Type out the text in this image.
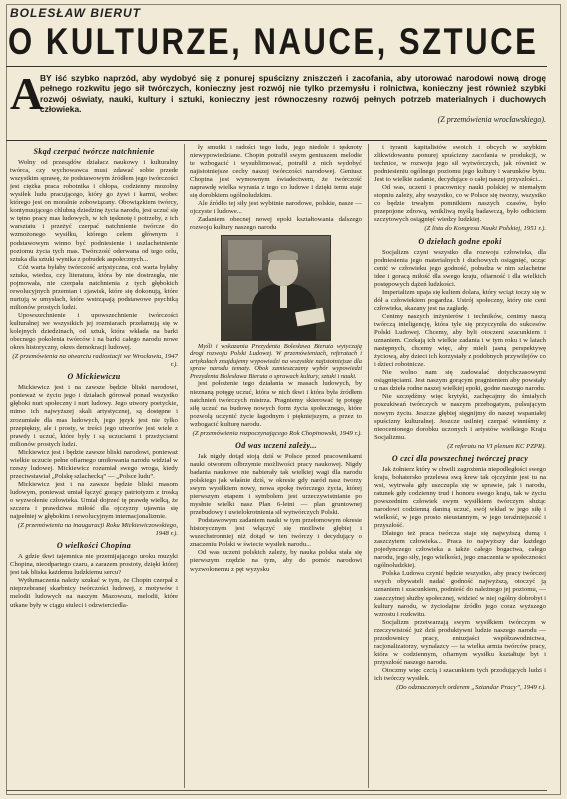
BOLESŁAW BIERUT
O KULTURZE, NAUCE, SZTUCE
A
BY iść szybko naprzód, aby wydobyć się z ponurej spuścizny zniszczeń i zacofania, aby utorować narodowi nową drogę pełnego rozkwitu jego sił twórczych, konieczny jest rozwój nie tylko przemysłu i rolnictwa, konieczny jest również szybki rozwój oświaty, nauki, kultury i sztuki, konieczny jest równoczesny rozwój pełnych potrzeb materialnych i duchowych człowieka.
(Z przemówienia wrocławskiego).
Skąd czerpać twórcze natchnienie

Wolny od przesądów działacz naukowy i kulturalny twórca, czy wychowawca musi zdawać sobie przede wszystkim sprawę, że podstawowym źródłem jego twórczości jest ciężka praca robotnika i chłopa, codzienny mozolny wysiłek ludu pracującego, który go żywi i karmi, wobec którego jest on moralnie zobowiązany. Obowiązkiem twórcy, kontynuującego chlubną dziedzinę życia narodu, jest uczuć się w tętno pracy mas ludowych, w ich tęsknotę i potrzeby, z ich warsztatu i przeżyć czerpać natchnienie twórcze do wzmożonego wysiłku, którego celem głównym i podstawowym winno być podniesienie i uszlachetnienie poziomu życia tych mas. Twórczość oderwana od tego celu, sztuka dla sztuki wynika z pobudek aspołecznych...

Cóż warta byłaby twórczość artystyczna, coż warta byłaby sztuka, wiedza, czy literatura, która by nie dostrzegła, nie pojmowała, nie czerpała natchnienia z tych głębokich rewolucyjnych przemian i zjawisk, które się dokonują, które nurtują w umysłach, które wstrząsają podstawowe psychiką milionów prostych ludzi.

Upowszechnienie i upowszechnienie twórczości kulturalnej we wszystkich jej rozmiarach przełamują się w kolejnych dziedzinach, od sztuk, która wkłada na barki obecnego pokolenia twórców i na barki całego narodu nowe okres historyczny, okres demokracji ludowej.

(Z przemówienia na otwarciu radiostacji we Wrocławiu, 1947 r.).

O Mickiewiczu

Mickiewicz jest i na zawsze będzie bliski narodowi, ponieważ w życiu jego i działach górował ponad wszystko głęboki nurt społeczny i nurt ludowy. Jego utwory poetyckie, mimo ich najwyższej skali artystycznej, są dostępne i zrozumiałe dla mas ludowych, jego język jest nie tylko przepiękny, ale i prosty, w treści jego utworów jest wiele z prawdy i uczuć, które były i są uczuciami i przeżyciami milionów prostych ludzi.

Mickiewicz jest i będzie zawsze bliski narodowi, ponieważ wielkie uczucie pełne ofiarnego umiłowania narodu widział w rzeszy ludowej. Mickiewicz rozumiał swego wroga, kiedy przeciwstawiał „Polskę szlachecką” — „Polsce ludu”.

Mickiewicz jest i na zawsze będzie bliski masom ludowym, ponieważ umiał łączyć gorący patriotyzm z troską o wyzwolenie człowieka. Umiał dojrzeć tę prawdę wielką, że szczera i prawdziwa miłość dla ojczyzny ujawnia się najpełniej w głębokim i rewolucyjnym internacjonalizmie.

(Z przemówienia na inauguracji Roku Mickiewiczowskiego, 1948 r.).

O wielkości Chopina

A gdzie tkwi tajemnica nie przemijającego uroku muzyki Chopina, nieodpartego czaru, a zarazem prostoty, dzięki której jest tak bliska każdemu ludzkiemu sercu?

Wytłumaczenia należy szukać w tym, że Chopin czerpał z nieprzebranej skarbnicy twórczości ludowej, z motywów i melodii ludowych na naszym Mazowszu, melodii, które utkane były w ciągu stuleci i odzwierciedla-

ły smutki i radości tego ludu, jego niedole i tęsknoty niewypowiedziane. Chopin potrafił swym geniuszem melodie te wzbogacić i wysublimować, potrafił z nich wydobyć najistotniejsze cechy naszej twórczości narodowej. Geniusz Chopina jest wymownym świadectwem, że twórczość naprawdę wielka wyrasta z tego co ludowe i dzięki temu staje się dorobkiem ogólnoludzkim.

Ale źródło tej siły jest wybitnie narodowe, polskie, nasze — ojczyste i ludowe...

Zadaniem obecnej nowej epoki kształtowania dalszego rozwoju kultury naszego narodu

Myśli i wskazania Prezydenta Bolesława Bieruta wytyczają drogi rozwoju Polski Ludowej. W przemówieniach, referatach i artykułach znajdujemy wypowiedzi na wszystkie najistotniejsze dla spraw narodu tematy. Obok zamieszczamy wybór wypowiedzi Prezydenta Bolesława Bieruta o sprawach kultury, sztuki i nauki.

jest położenie tego działania w masach ludowych, by nieznaną potęgę uczuć, która w nich tkwi i która była źródłem natchnień twórczych mistrza. Pragniemy skierować tę potęgę siłę uczuć na budowę nowych form życia społecznego, które pozwolą uczynić życie łagodnym i piękniejszym, a przez to wzbogacić kulturę narodu.

(Z przemówienia rozpoczynającego Rok Chopinowski, 1949 r.).

Od was uczeni zależy...

Jak nigdy dotąd stoją dziś w Polsce przed pracownikami nauki otworem olbrzymie możliwości pracy naukowej. Nigdy badania naukowe nie nabierały tak wielkiej wagi dla narodu polskiego jak właśnie dziś, w okresie gdy naród nasz tworzy swym wysiłkiem nowy, nowa epokę twórczego życia, której pierwszym etapem i symbolem jest urzeczywistnianie po mysłnie wielki nasz Plan 6-letni — plan gruntownej przebudowy i uwielokrotnienia sił wytwórczych Polski.

Podstawowym zadaniem nauki w tym przełomowym okresie historycznym jest włączyć się możliwie głębiej i wszechstronniej niż dotąd w ten twórczy i decydujący o znaczeniu Polski w świecie wysiłek narodu...

Od was uczeni polskich zależy, by nauka polska stała się pierwszym rzędzie na tym, aby do pomóc narodowi wyzwolonemu z pęt wyzysku

i tyranii kapitalistów swoich i obcych w szybkim zlikwidowaniu ponurej spuścizny zacofania w produkcji, w technice, w rozwoju jego sił wytwórczych, jak również w podniesieniu ogólnego poziomu jego kultury i warunków bytu. Jest to wielkie zadanie, decydujące o całej naszej przyszłości...

Od was, uczeni i pracownicy nauki polskiej w niemałym stopniu zależy, aby wszystko, co w Polsce się tworzy, wszystko co będzie trwałym pomnikiem naszych czasów, było przepojone zdrową, wnikliwą myślą badawczą, było odbiciem szczytowych osiągnięć wiedzy ludzkiej.

(Z listu do Kongresu Nauki Polskiej, 1951 r.).

O dziełach godne epoki

Socjalizm czyni wszystko dla rozwoju człowieka, dla podniesienia jego materialnych i duchowych osiągnięć, ucząc cenić w człowieku jego godność, pobudza w nim szlachetne idee i goracą miłość dla swego kraju, ofiarność i dla wielkich postępowych dążeń ludzkości.

Imperializm upaja się kultem dolara, który wciąż toczy się w dół a człowiekiem pogardza. Ustrój społeczny, który nie ceni człowieka, skazany jest na zagładę.

Cenimy naszych inżynierów i techników, cenimy naszą twórczą inteligencję, która tyle się przyczyniła do sukcesów Polski Ludowej. Chcemy, aby byli otoczeni szacunkiem i uznaniem. Czekają ich wielkie zadania i w tym roku i w latach następnych, chcemy więc, aby mieli jasną perspektywę życiową, aby dzieci ich korzystały z podobnych przywilejów co i dzieci robotnicze.

Nie wolno nam się zadowalać dotychczasowymi osiągnięciami. Jest naszym gorącym pragnieniem aby powstały u nas dzieła rodne naszej wielkiej epoki, godne naszego narodu.

Nie szczędźmy więc krytyki, zachęcajmy do śmiałych poszukiwań twórczych w naszym przebogatym, pulsującym nowym życiu. Jeszcze głębiej sięgnijmy do naszej wspaniałej spuścizny kulturalnej. Jeszcze usilniej czerpać winniśmy z nieocenionego dorobku uczonych i artystów wielkiego Kraju Socjalizmu.

(Z referatu na VI plenum KC PZPR).

O czci dla powszechnej twórczej pracy

Jak żołnierz który w chwili zagrożenia niepodległości swego kraju, bohatersko przelewa swą krew tak ojczyźnie jest tu na wsi, wytrwała gdy uszczupla się w sprawie, jak i narodu, ratunek gdy codzienny trud i honoru swego kraju, tak w życiu powszednim człowiek swym wysiłkiem twórczym służąc narodowi codzienną daniną uczuć, swój wkład w jego siłę i wielkość, w jego prosto nieustannym, w jego teraźniejszość i przyszłość.

Dlatego też praca twórcza staje się najwyższą dumą i zaszczytem człowieka... Praca to najwyższy dar każdego pojedynczego człowieka a także całego bogactwa, całego narodu, jego siły, jego wielkości, jego znaczenia w społeczności ogólnoludzkiej.

Polska Ludowa czynić będzie wszystko, aby pracy twórczej swych obywateli nadać godność najwyższą, otoczyć ją uznaniem i szacunkiem, podnieść do należnego jej poziomu, — zaszczytnej służby społecznej, widzieć w niej ogólny dobrobyt i kultury narodu, w życiodajne źródło jego coraz wyższego wzrostu i rozkwitu.

Socjalizm przetwarzają swym wysiłkiem twórczym w rzeczywistość już dziś produktywni ludzie naszego narodu — przodownicy pracy, entuzjaści współzawodnictwa, racjonalizatorzy, wynalazcy — ta wielka armia twórców pracy, która w codziennym, ofiarnym wysiłku kształtuje byt i przyszłość naszego narodu.

Otoczmy więc czcią i szacunkiem tych przodujących ludzi i ich twórczy wysiłek.

(Do odznaczonych orderem „Sztandar Pracy”, 1949 r.).
